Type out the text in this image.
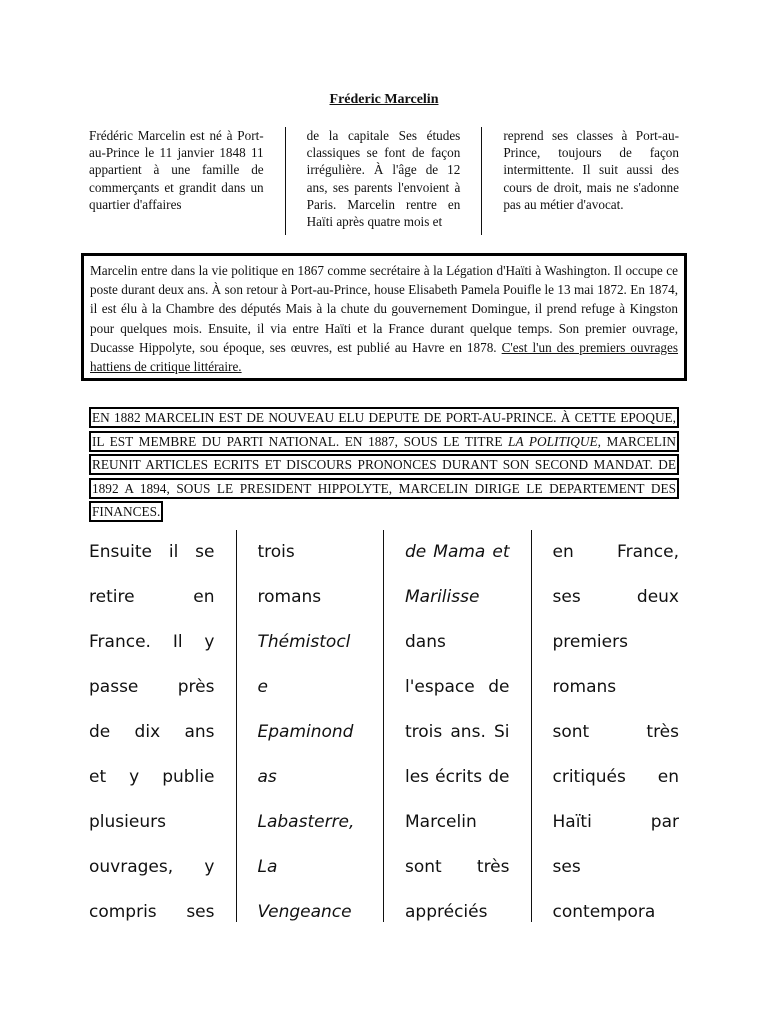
Fréderic Marcelin
Frédéric Marcelin est né à Port-au-Prince le 11 janvier 1848 11 appartient à une famille de commerçants et grandit dans un quartier d'affaires
de la capitale Ses études classiques se font de façon irrégulière. À l'âge de 12 ans, ses parents l'envoient à Paris. Marcelin rentre en Haïti après quatre mois et
reprend ses classes à Port-au-Prince, toujours de façon intermittente. Il suit aussi des cours de droit, mais ne s'adonne pas au métier d'avocat.
Marcelin entre dans la vie politique en 1867 comme secrétaire à la Légation d'Haïti à Washington. Il occupe ce poste durant deux ans. À son retour à Port-au-Prince, house Elisabeth Pamela Pouifle le 13 mai 1872. En 1874, il est élu à la Chambre des députés Mais à la chute du gouvernement Domingue, il prend refuge à Kingston pour quelques mois. Ensuite, il via entre Haïti et la France durant quelque temps. Son premier ouvrage, Ducasse Hippolyte, sou époque, ses œuvres, est publié au Havre en 1878. C'est l'un des premiers ouvrages hattiens de critique littéraire.
EN 1882 MARCELIN EST DE NOUVEAU ELU DEPUTE DE PORT-AU-PRINCE. À CETTE EPOQUE, IL EST MEMBRE DU PARTI NATIONAL. EN 1887, SOUS LE TITRE LA POLITIQUE, MARCELIN REUNIT ARTICLES ECRITS ET DISCOURS PRONONCES DURANT SON SECOND MANDAT. DE 1892 A 1894, SOUS LE PRESIDENT HIPPOLYTE, MARCELIN DIRIGE LE DEPARTEMENT DES FINANCES.
Ensuite il se
retire en
France. Il y
passe près
de dix ans
et y publie
plusieurs
ouvrages, y
compris ses
trois
romans
Thémistocl
e
Epaminond
as
Labasterre,
La
Vengeance
de Mama et
Marilisse
dans
l'espace de
trois ans. Si
les écrits de
Marcelin
sont très
appréciés
en France,
ses deux
premiers
romans
sont très
critiqués en
Haïti par
ses
contempora
